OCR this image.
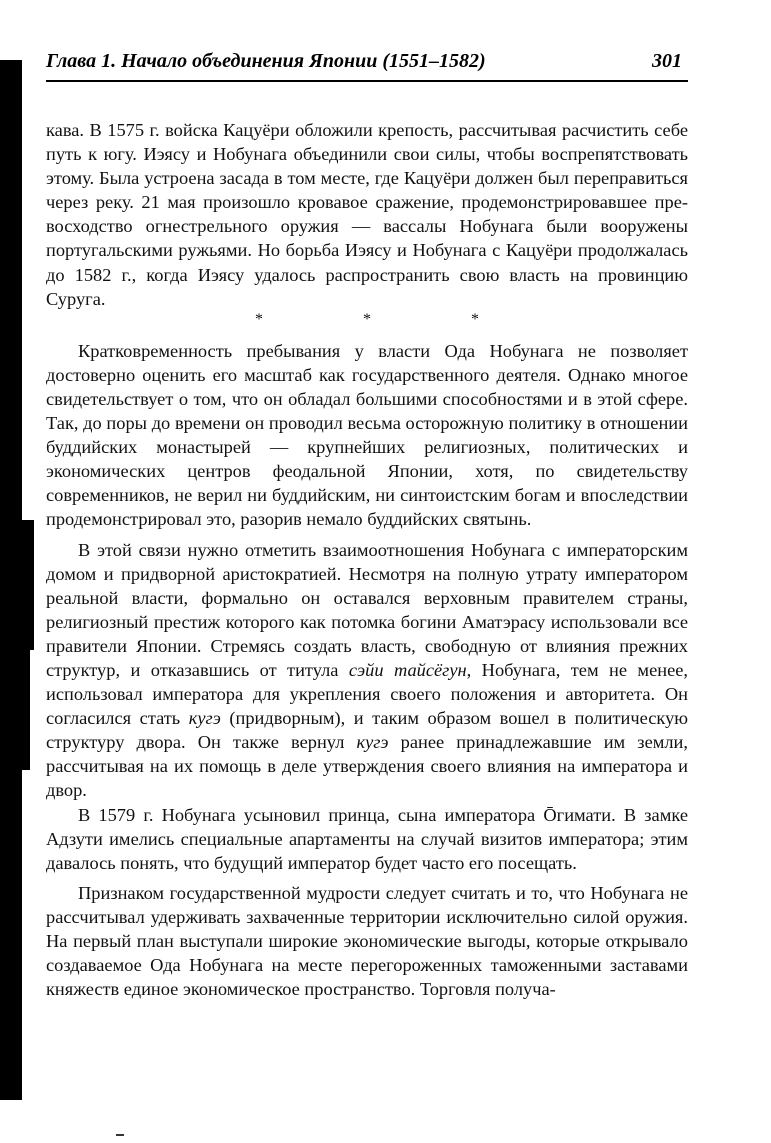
Глава 1. Начало объединения Японии (1551–1582)	301

кава. В 1575 г. войска Кацуёри обложили крепость, рассчитывая расчистить себе путь к югу. Иэясу и Нобунага объединили свои силы, чтобы воспрепятствовать этому. Была устроена засада в том месте, где Кацуёри должен был переправиться через реку. 21 мая произошло кровавое сражение, продемонстрировавшее превосходство огнестрельного оружия — вассалы Нобунага были вооружены португальскими ружьями. Но борьба Иэясу и Нобунага с Кацуёри продолжалась до 1582 г., когда Иэясу удалось распространить свою власть на провинцию Суруга.

* * *

Кратковременность пребывания у власти Ода Нобунага не позволяет достоверно оценить его масштаб как государственного деятеля. Однако многое свидетельствует о том, что он обладал большими способностями и в этой сфере. Так, до поры до времени он проводил весьма осторожную политику в отношении буддийских монастырей — крупнейших религиозных, политических и экономических центров феодальной Японии, хотя, по свидетельству современников, не верил ни буддийским, ни синтоистским богам и впоследствии продемонстрировал это, разорив немало буддийских святынь.

В этой связи нужно отметить взаимоотношения Нобунага с императорским домом и придворной аристократией. Несмотря на полную утрату императором реальной власти, формально он оставался верховным правителем страны, религиозный престиж которого как потомка богини Аматэрасу использовали все правители Японии. Стремясь создать власть, свободную от влияния прежних структур, и отказавшись от титула сэйи тайсёгун, Нобунага, тем не менее, использовал императора для укрепления своего положения и авторитета. Он согласился стать кугэ (придворным), и таким образом вошел в политическую структуру двора. Он также вернул кугэ ранее принадлежавшие им земли, рассчитывая на их помощь в деле утверждения своего влияния на императора и двор.

В 1579 г. Нобунага усыновил принца, сына императора Ōгимати. В замке Адзути имелись специальные апартаменты на случай визитов императора; этим давалось понять, что будущий император будет часто его посещать.

Признаком государственной мудрости следует считать и то, что Нобунага не рассчитывал удерживать захваченные территории исключительно силой оружия. На первый план выступали широкие экономические выгоды, которые открывало создаваемое Ода Нобунага на месте перегороженных таможенными заставами княжеств единое экономическое пространство. Торговля получа-
